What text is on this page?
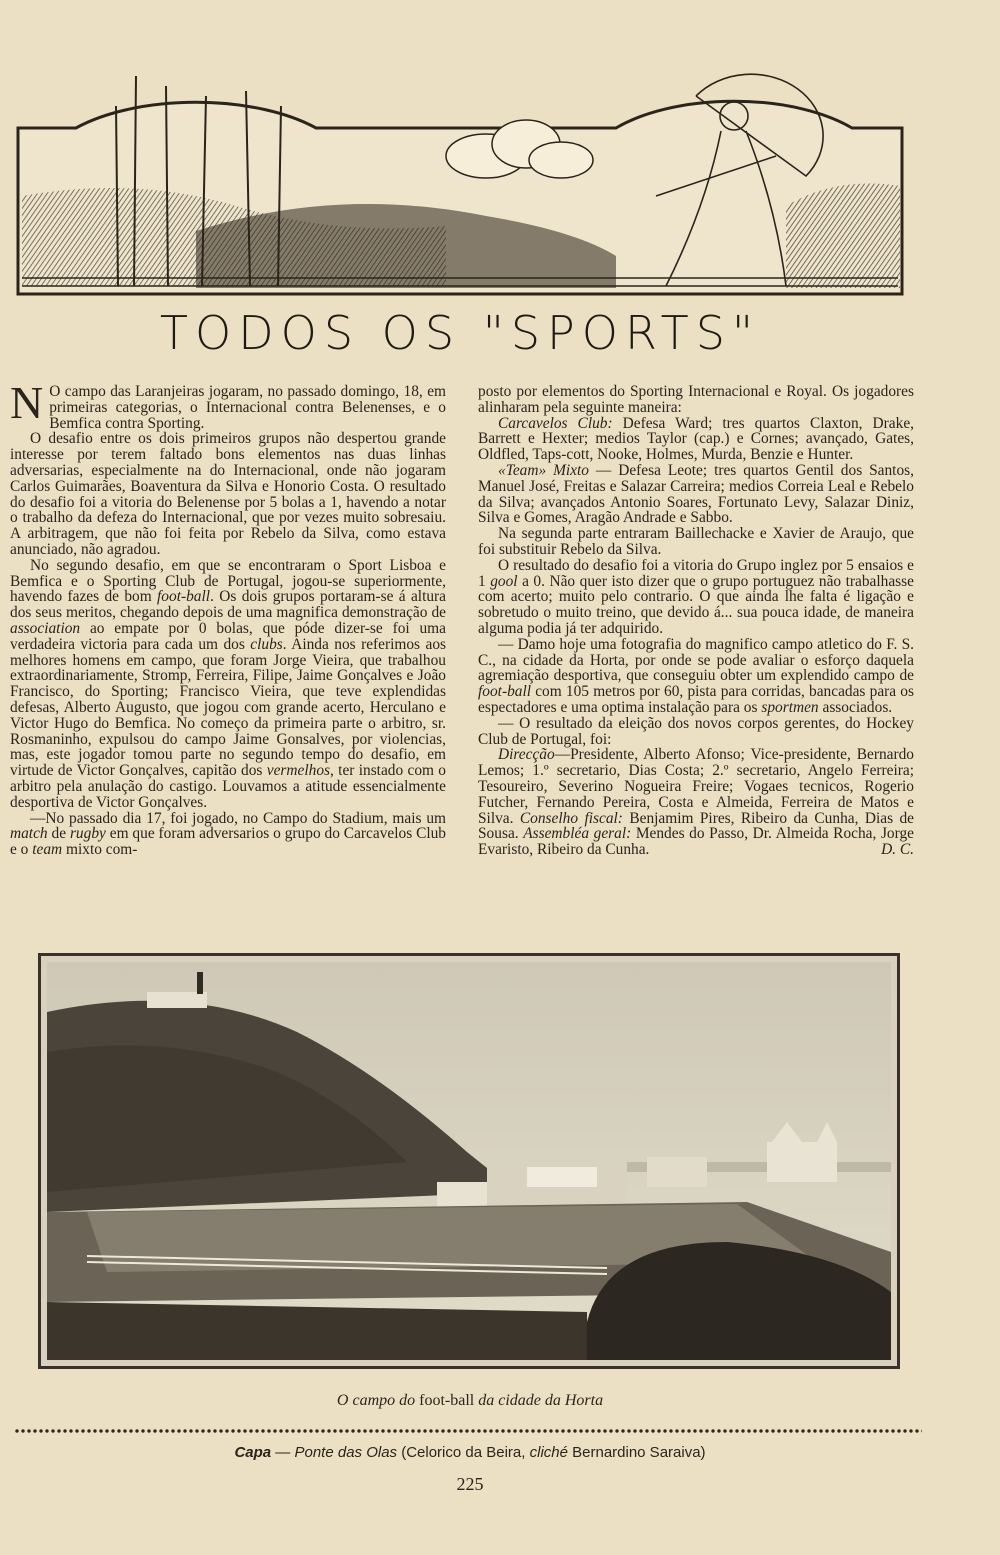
TODOS OS "SPORTS"

N O campo das Laranjeiras jogaram, no passado domingo, 18, em primeiras categorias, o Internacional contra Belenenses, e o Bemfica contra Sporting.

O desafio entre os dois primeiros grupos não despertou grande interesse por terem faltado bons elementos nas duas linhas adversarias, especialmente na do Internacional, onde não jogaram Carlos Guimarães, Boaventura da Silva e Honorio Costa. O resultado do desafio foi a vitoria do Belenense por 5 bolas a 1, havendo a notar o trabalho da defeza do Internacional, que por vezes muito sobresaiu. A arbitragem, que não foi feita por Rebelo da Silva, como estava anunciado, não agradou.

No segundo desafio, em que se encontraram o Sport Lisboa e Bemfica e o Sporting Club de Portugal, jogou-se superiormente, havendo fazes de bom foot-ball. Os dois grupos portaram-se á altura dos seus meritos, chegando depois de uma magnifica demonstração de association ao empate por 0 bolas, que póde dizer-se foi uma verdadeira victoria para cada um dos clubs. Ainda nos referimos aos melhores homens em campo, que foram Jorge Vieira, que trabalhou extraordinariamente, Stromp, Ferreira, Filipe, Jaime Gonçalves e João Francisco, do Sporting; Francisco Vieira, que teve explendidas defesas, Alberto Augusto, que jogou com grande acerto, Herculano e Victor Hugo do Bemfica. No começo da primeira parte o arbitro, sr. Rosmaninho, expulsou do campo Jaime Gonsalves, por violencias, mas, este jogador tomou parte no segundo tempo do desafio, em virtude de Victor Gonçalves, capitão dos vermelhos, ter instado com o arbitro pela anulação do castigo. Louvamos a atitude essencialmente desportiva de Victor Gonçalves.

—No passado dia 17, foi jogado, no Campo do Stadium, mais um match de rugby em que foram adversarios o grupo do Carcavelos Club e o team mixto com-

posto por elementos do Sporting Internacional e Royal. Os jogadores alinharam pela seguinte maneira:

Carcavelos Club: Defesa Ward; tres quartos Claxton, Drake, Barrett e Hexter; medios Taylor (cap.) e Cornes; avançado, Gates, Oldfled, Taps-cott, Nooke, Holmes, Murda, Benzie e Hunter.

«Team» Mixto — Defesa Leote; tres quartos Gentil dos Santos, Manuel José, Freitas e Salazar Carreira; medios Correia Leal e Rebelo da Silva; avançados Antonio Soares, Fortunato Levy, Salazar Diniz, Silva e Gomes, Aragão Andrade e Sabbo.

Na segunda parte entraram Baillechacke e Xavier de Araujo, que foi substituir Rebelo da Silva.

O resultado do desafio foi a vitoria do Grupo inglez por 5 ensaios e 1 gool a 0. Não quer isto dizer que o grupo portuguez não trabalhasse com acerto; muito pelo contrario. O que ainda lhe falta é ligação e sobretudo o muito treino, que devido á... sua pouca idade, de maneira alguma podia já ter adquirido.

— Damo hoje uma fotografia do magnifico campo atletico do F. S. C., na cidade da Horta, por onde se pode avaliar o esforço daquela agremiação desportiva, que conseguiu obter um explendido campo de foot-ball com 105 metros por 60, pista para corridas, bancadas para os espectadores e uma optima instalação para os sportmen associados.

— O resultado da eleição dos novos corpos gerentes, do Hockey Club de Portugal, foi:

Direcção—Presidente, Alberto Afonso; Vice-presidente, Bernardo Lemos; 1.º secretario, Dias Costa; 2.º secretario, Angelo Ferreira; Tesoureiro, Severino Nogueira Freire; Vogaes tecnicos, Rogerio Futcher, Fernando Pereira, Costa e Almeida, Ferreira de Matos e Silva. Conselho fiscal: Benjamim Pires, Ribeiro da Cunha, Dias de Sousa. Assembléa geral: Mendes do Passo, Dr. Almeida Rocha, Jorge Evaristo, Ribeiro da Cunha.	D. C.

O campo do foot-ball da cidade da Horta
Capa — Ponte das Olas (Celorico da Beira, cliché Bernardino Saraiva)
225
